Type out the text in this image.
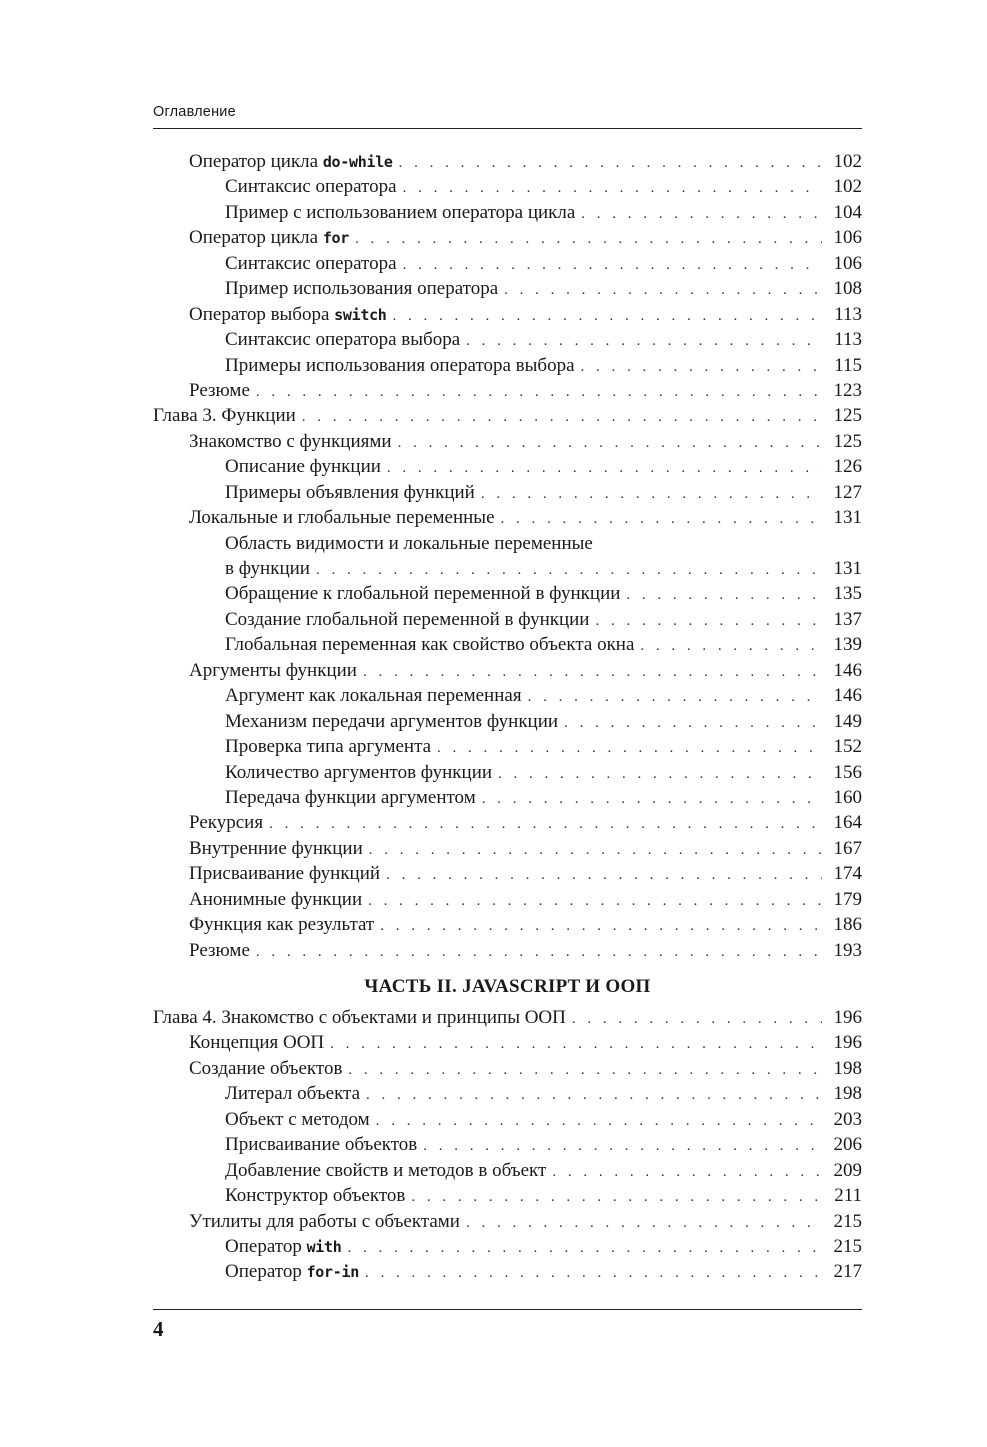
Оглавление
Оператор цикла do-while . . .	102
Синтаксис оператора . . .	102
Пример с использованием оператора цикла . . .	104
Оператор цикла for . . .	106
Синтаксис оператора . . .	106
Пример использования оператора . . .	108
Оператор выбора switch . . .	113
Синтаксис оператора выбора . . .	113
Примеры использования оператора выбора . . .	115
Резюме . . .	123
Глава 3. Функции . . .	125
Знакомство с функциями . . .	125
Описание функции . . .	126
Примеры объявления функций . . .	127
Локальные и глобальные переменные . . .	131
Область видимости и локальные переменные
в функции . . .	131
Обращение к глобальной переменной в функции . . .	135
Создание глобальной переменной в функции . . .	137
Глобальная переменная как свойство объекта окна . . .	139
Аргументы функции . . .	146
Аргумент как локальная переменная . . .	146
Механизм передачи аргументов функции . . .	149
Проверка типа аргумента . . .	152
Количество аргументов функции . . .	156
Передача функции аргументом . . .	160
Рекурсия . . .	164
Внутренние функции . . .	167
Присваивание функций . . .	174
Анонимные функции . . .	179
Функция как результат . . .	186
Резюме . . .	193
ЧАСТЬ II. JAVASCRIPT И ООП
Глава 4. Знакомство с объектами и принципы ООП . . .	196
Концепция ООП . . .	196
Создание объектов . . .	198
Литерал объекта . . .	198
Объект с методом . . .	203
Присваивание объектов . . .	206
Добавление свойств и методов в объект . . .	209
Конструктор объектов . . .	211
Утилиты для работы с объектами . . .	215
Оператор with . . .	215
Оператор for-in . . .	217
4
